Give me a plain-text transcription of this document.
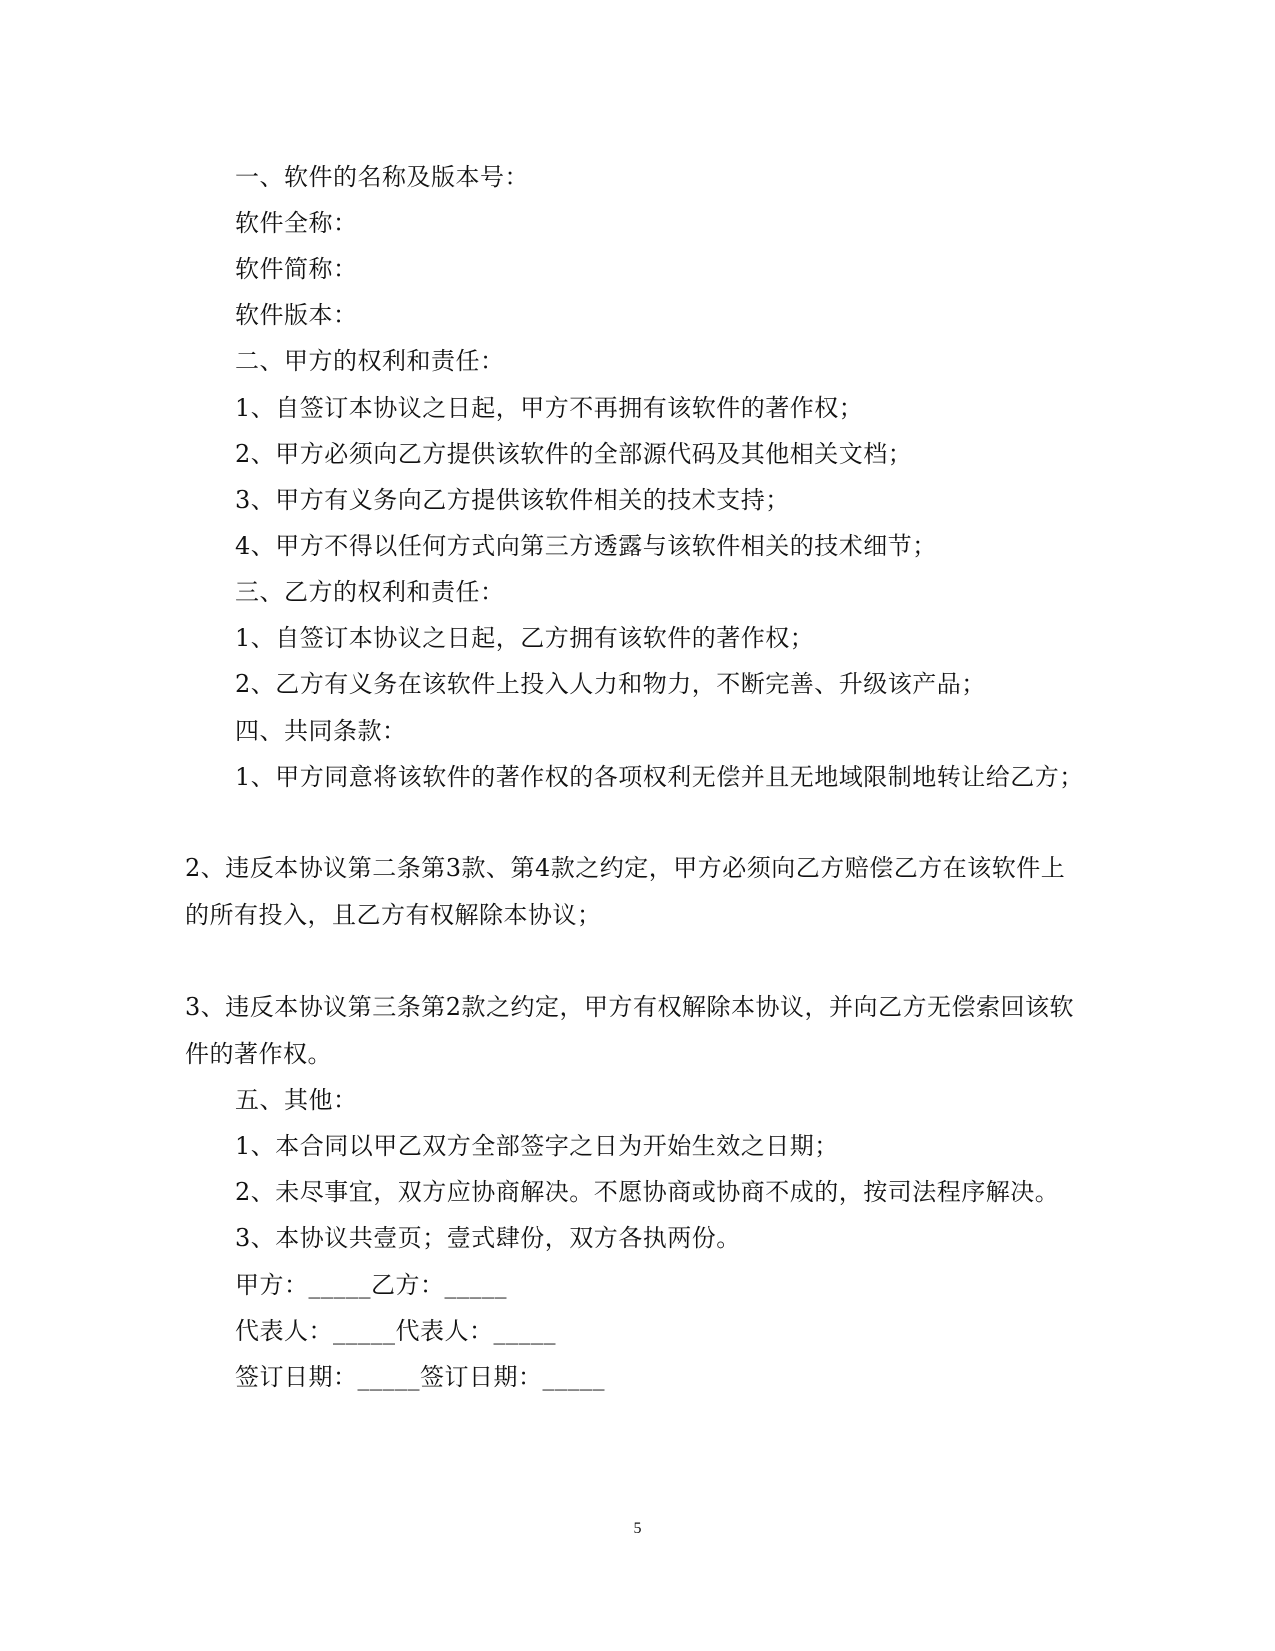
一、软件的名称及版本号：
软件全称：
软件简称：
软件版本：
二、甲方的权利和责任：
1、自签订本协议之日起，甲方不再拥有该软件的著作权；
2、甲方必须向乙方提供该软件的全部源代码及其他相关文档；
3、甲方有义务向乙方提供该软件相关的技术支持；
4、甲方不得以任何方式向第三方透露与该软件相关的技术细节；
三、乙方的权利和责任：
1、自签订本协议之日起，乙方拥有该软件的著作权；
2、乙方有义务在该软件上投入人力和物力，不断完善、升级该产品；
四、共同条款：
1、甲方同意将该软件的著作权的各项权利无偿并且无地域限制地转让给乙方；
2、违反本协议第二条第3款、第4款之约定，甲方必须向乙方赔偿乙方在该软件上
的所有投入，且乙方有权解除本协议；
3、违反本协议第三条第2款之约定，甲方有权解除本协议，并向乙方无偿索回该软
件的著作权。
五、其他：
1、本合同以甲乙双方全部签字之日为开始生效之日期；
2、未尽事宜，双方应协商解决。不愿协商或协商不成的，按司法程序解决。
3、本协议共壹页；壹式肆份，双方各执两份。
甲方：_____乙方：_____
代表人：_____代表人：_____
签订日期：_____签订日期：_____
5
